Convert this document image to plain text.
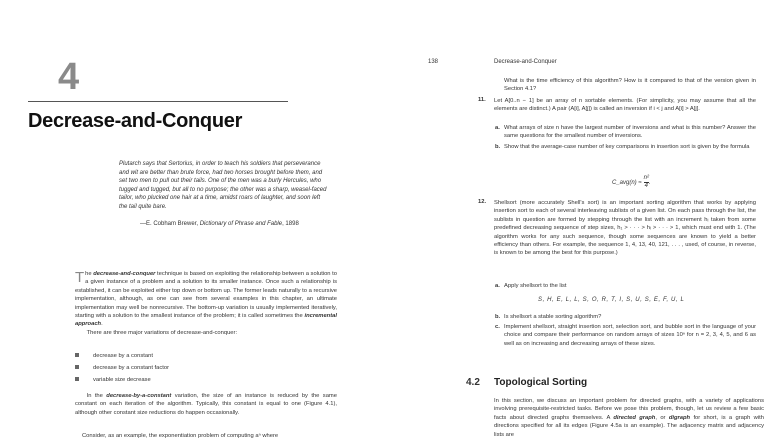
4
Decrease-and-Conquer
Plutarch says that Sertorius, in order to teach his soldiers that perseverance and wit are better than brute force, had two horses brought before them, and set two men to pull out their tails. One of the men was a burly Hercules, who tugged and tugged, but all to no purpose; the other was a sharp, weasel-faced tailor, who plucked one hair at a time, amidst roars of laughter, and soon left the tail quite bare.
—E. Cobham Brewer, Dictionary of Phrase and Fable, 1898
The decrease-and-conquer technique is based on exploiting the relationship between a solution to a given instance of a problem and a solution to its smaller instance. Once such a relationship is established, it can be exploited either top down or bottom up. The former leads naturally to a recursive implementation, although, as one can see from several examples in this chapter, an ultimate implementation may well be nonrecursive. The bottom-up variation is usually implemented iteratively, starting with a solution to the smallest instance of the problem; it is called sometimes the incremental approach.
  There are three major variations of decrease-and-conquer:
decrease by a constant
decrease by a constant factor
variable size decrease
  In the decrease-by-a-constant variation, the size of an instance is reduced by the same constant on each iteration of the algorithm. Typically, this constant is equal to one (Figure 4.1), although other constant size reductions do happen occasionally.
Consider, as an example, the exponentiation problem of computing aⁿ where
138	Decrease-and-Conquer
What is the time efficiency of this algorithm? How is it compared to that of the version given in Section 4.1?
11. Let A[0..n − 1] be an array of n sortable elements. (For simplicity, you may assume that all the elements are distinct.) A pair (A[i], A[j]) is called an inversion if i < j and A[i] > A[j].
a. What arrays of size n have the largest number of inversions and what is this number? Answer the same questions for the smallest number of inversions.
b. Show that the average-case number of key comparisons in insertion sort is given by the formula
C_avg(n) ≈ $\frac{\text{n²}}{4}$ .
12. Shellsort (more accurately Shell's sort) is an important sorting algorithm that works by applying insertion sort to each of several interleaving sublists of a given list. On each pass through the list, the sublists in question are formed by stepping through the list with an increment hᵢ taken from some predefined decreasing sequence of step sizes, h₁ > · · · > hᵢ > · · · > 1, which must end with 1. (The algorithm works for any such sequence, though some sequences are known to yield a better efficiency than others. For example, the sequence 1, 4, 13, 40, 121, . . . , used, of course, in reverse, is known to be among the best for this purpose.)
a. Apply shellsort to the list
S, H, E, L, L, S, O, R, T, I, S, U, S, E, F, U, L
b. Is shellsort a stable sorting algorithm?
c. Implement shellsort, straight insertion sort, selection sort, and bubble sort in the language of your choice and compare their performance on random arrays of sizes 10ⁿ for n = 2, 3, 4, 5, and 6 as well as on increasing and decreasing arrays of these sizes.
4.2 Topological Sorting
In this section, we discuss an important problem for directed graphs, with a variety of applications involving prerequisite-restricted tasks. Before we pose this problem, though, let us review a few basic facts about directed graphs themselves. A directed graph, or digraph for short, is a graph with directions specified for all its edges (Figure 4.5a is an example). The adjacency matrix and adjacency lists are
